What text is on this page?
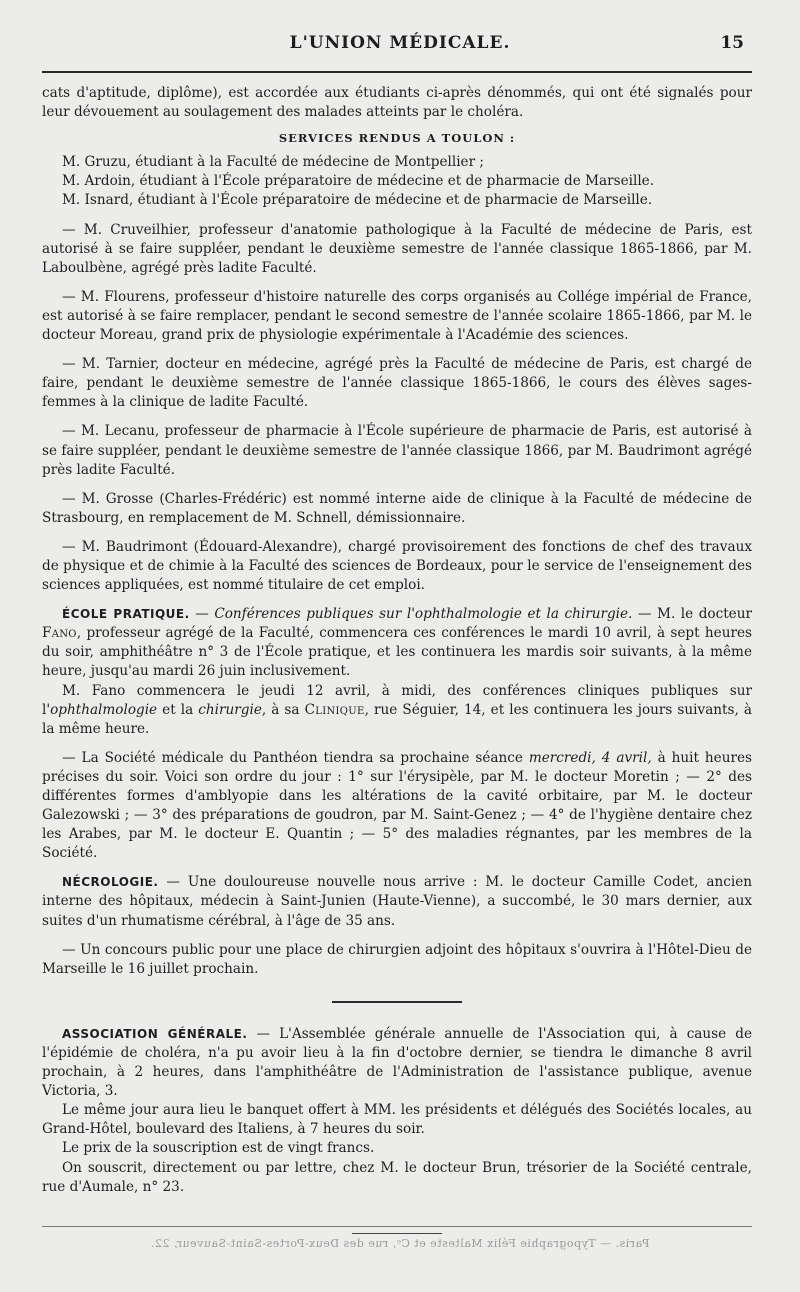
L'UNION MÉDICALE.	15

cats d'aptitude, diplôme), est accordée aux étudiants ci-après dénommés, qui ont été signalés pour leur dévouement au soulagement des malades atteints par le choléra.

SERVICES RENDUS A TOULON :

M. Gruzu, étudiant à la Faculté de médecine de Montpellier ;

M. Ardoin, étudiant à l'École préparatoire de médecine et de pharmacie de Marseille.

M. Isnard, étudiant à l'École préparatoire de médecine et de pharmacie de Marseille.

— M. Cruveilhier, professeur d'anatomie pathologique à la Faculté de médecine de Paris, est autorisé à se faire suppléer, pendant le deuxième semestre de l'année classique 1865-1866, par M. Laboulbène, agrégé près ladite Faculté.

— M. Flourens, professeur d'histoire naturelle des corps organisés au Collége impérial de France, est autorisé à se faire remplacer, pendant le second semestre de l'année scolaire 1865-1866, par M. le docteur Moreau, grand prix de physiologie expérimentale à l'Académie des sciences.

— M. Tarnier, docteur en médecine, agrégé près la Faculté de médecine de Paris, est chargé de faire, pendant le deuxième semestre de l'année classique 1865-1866, le cours des élèves sages-femmes à la clinique de ladite Faculté.

— M. Lecanu, professeur de pharmacie à l'École supérieure de pharmacie de Paris, est autorisé à se faire suppléer, pendant le deuxième semestre de l'année classique 1866, par M. Baudrimont agrégé près ladite Faculté.

— M. Grosse (Charles-Frédéric) est nommé interne aide de clinique à la Faculté de médecine de Strasbourg, en remplacement de M. Schnell, démissionnaire.

— M. Baudrimont (Édouard-Alexandre), chargé provisoirement des fonctions de chef des travaux de physique et de chimie à la Faculté des sciences de Bordeaux, pour le service de l'enseignement des sciences appliquées, est nommé titulaire de cet emploi.

ÉCOLE PRATIQUE. — Conférences publiques sur l'ophthalmologie et la chirurgie. — M. le docteur Fano, professeur agrégé de la Faculté, commencera ces conférences le mardi 10 avril, à sept heures du soir, amphithéâtre n° 3 de l'École pratique, et les continuera les mardis soir suivants, à la même heure, jusqu'au mardi 26 juin inclusivement.

M. Fano commencera le jeudi 12 avril, à midi, des conférences cliniques publiques sur l'ophthalmologie et la chirurgie, à sa Clinique, rue Séguier, 14, et les continuera les jours suivants, à la même heure.

— La Société médicale du Panthéon tiendra sa prochaine séance mercredi, 4 avril, à huit heures précises du soir. Voici son ordre du jour : 1° sur l'érysipèle, par M. le docteur Moretin ; — 2° des différentes formes d'amblyopie dans les altérations de la cavité orbitaire, par M. le docteur Galezowski ; — 3° des préparations de goudron, par M. Saint-Genez ; — 4° de l'hygiène dentaire chez les Arabes, par M. le docteur E. Quantin ; — 5° des maladies régnantes, par les membres de la Société.

NÉCROLOGIE. — Une douloureuse nouvelle nous arrive : M. le docteur Camille Codet, ancien interne des hôpitaux, médecin à Saint-Junien (Haute-Vienne), a succombé, le 30 mars dernier, aux suites d'un rhumatisme cérébral, à l'âge de 35 ans.

— Un concours public pour une place de chirurgien adjoint des hôpitaux s'ouvrira à l'Hôtel-Dieu de Marseille le 16 juillet prochain.

ASSOCIATION GÉNÉRALE. — L'Assemblée générale annuelle de l'Association qui, à cause de l'épidémie de choléra, n'a pu avoir lieu à la fin d'octobre dernier, se tiendra le dimanche 8 avril prochain, à 2 heures, dans l'amphithéâtre de l'Administration de l'assistance publique, avenue Victoria, 3.

Le même jour aura lieu le banquet offert à MM. les présidents et délégués des Sociétés locales, au Grand-Hôtel, boulevard des Italiens, à 7 heures du soir.

Le prix de la souscription est de vingt francs.

On souscrit, directement ou par lettre, chez M. le docteur Brun, trésorier de la Société centrale, rue d'Aumale, n° 23.

Paris. — Typographie Félix Malteste et Cᵉ, rue des Deux-Portes-Saint-Sauveur, 22.
